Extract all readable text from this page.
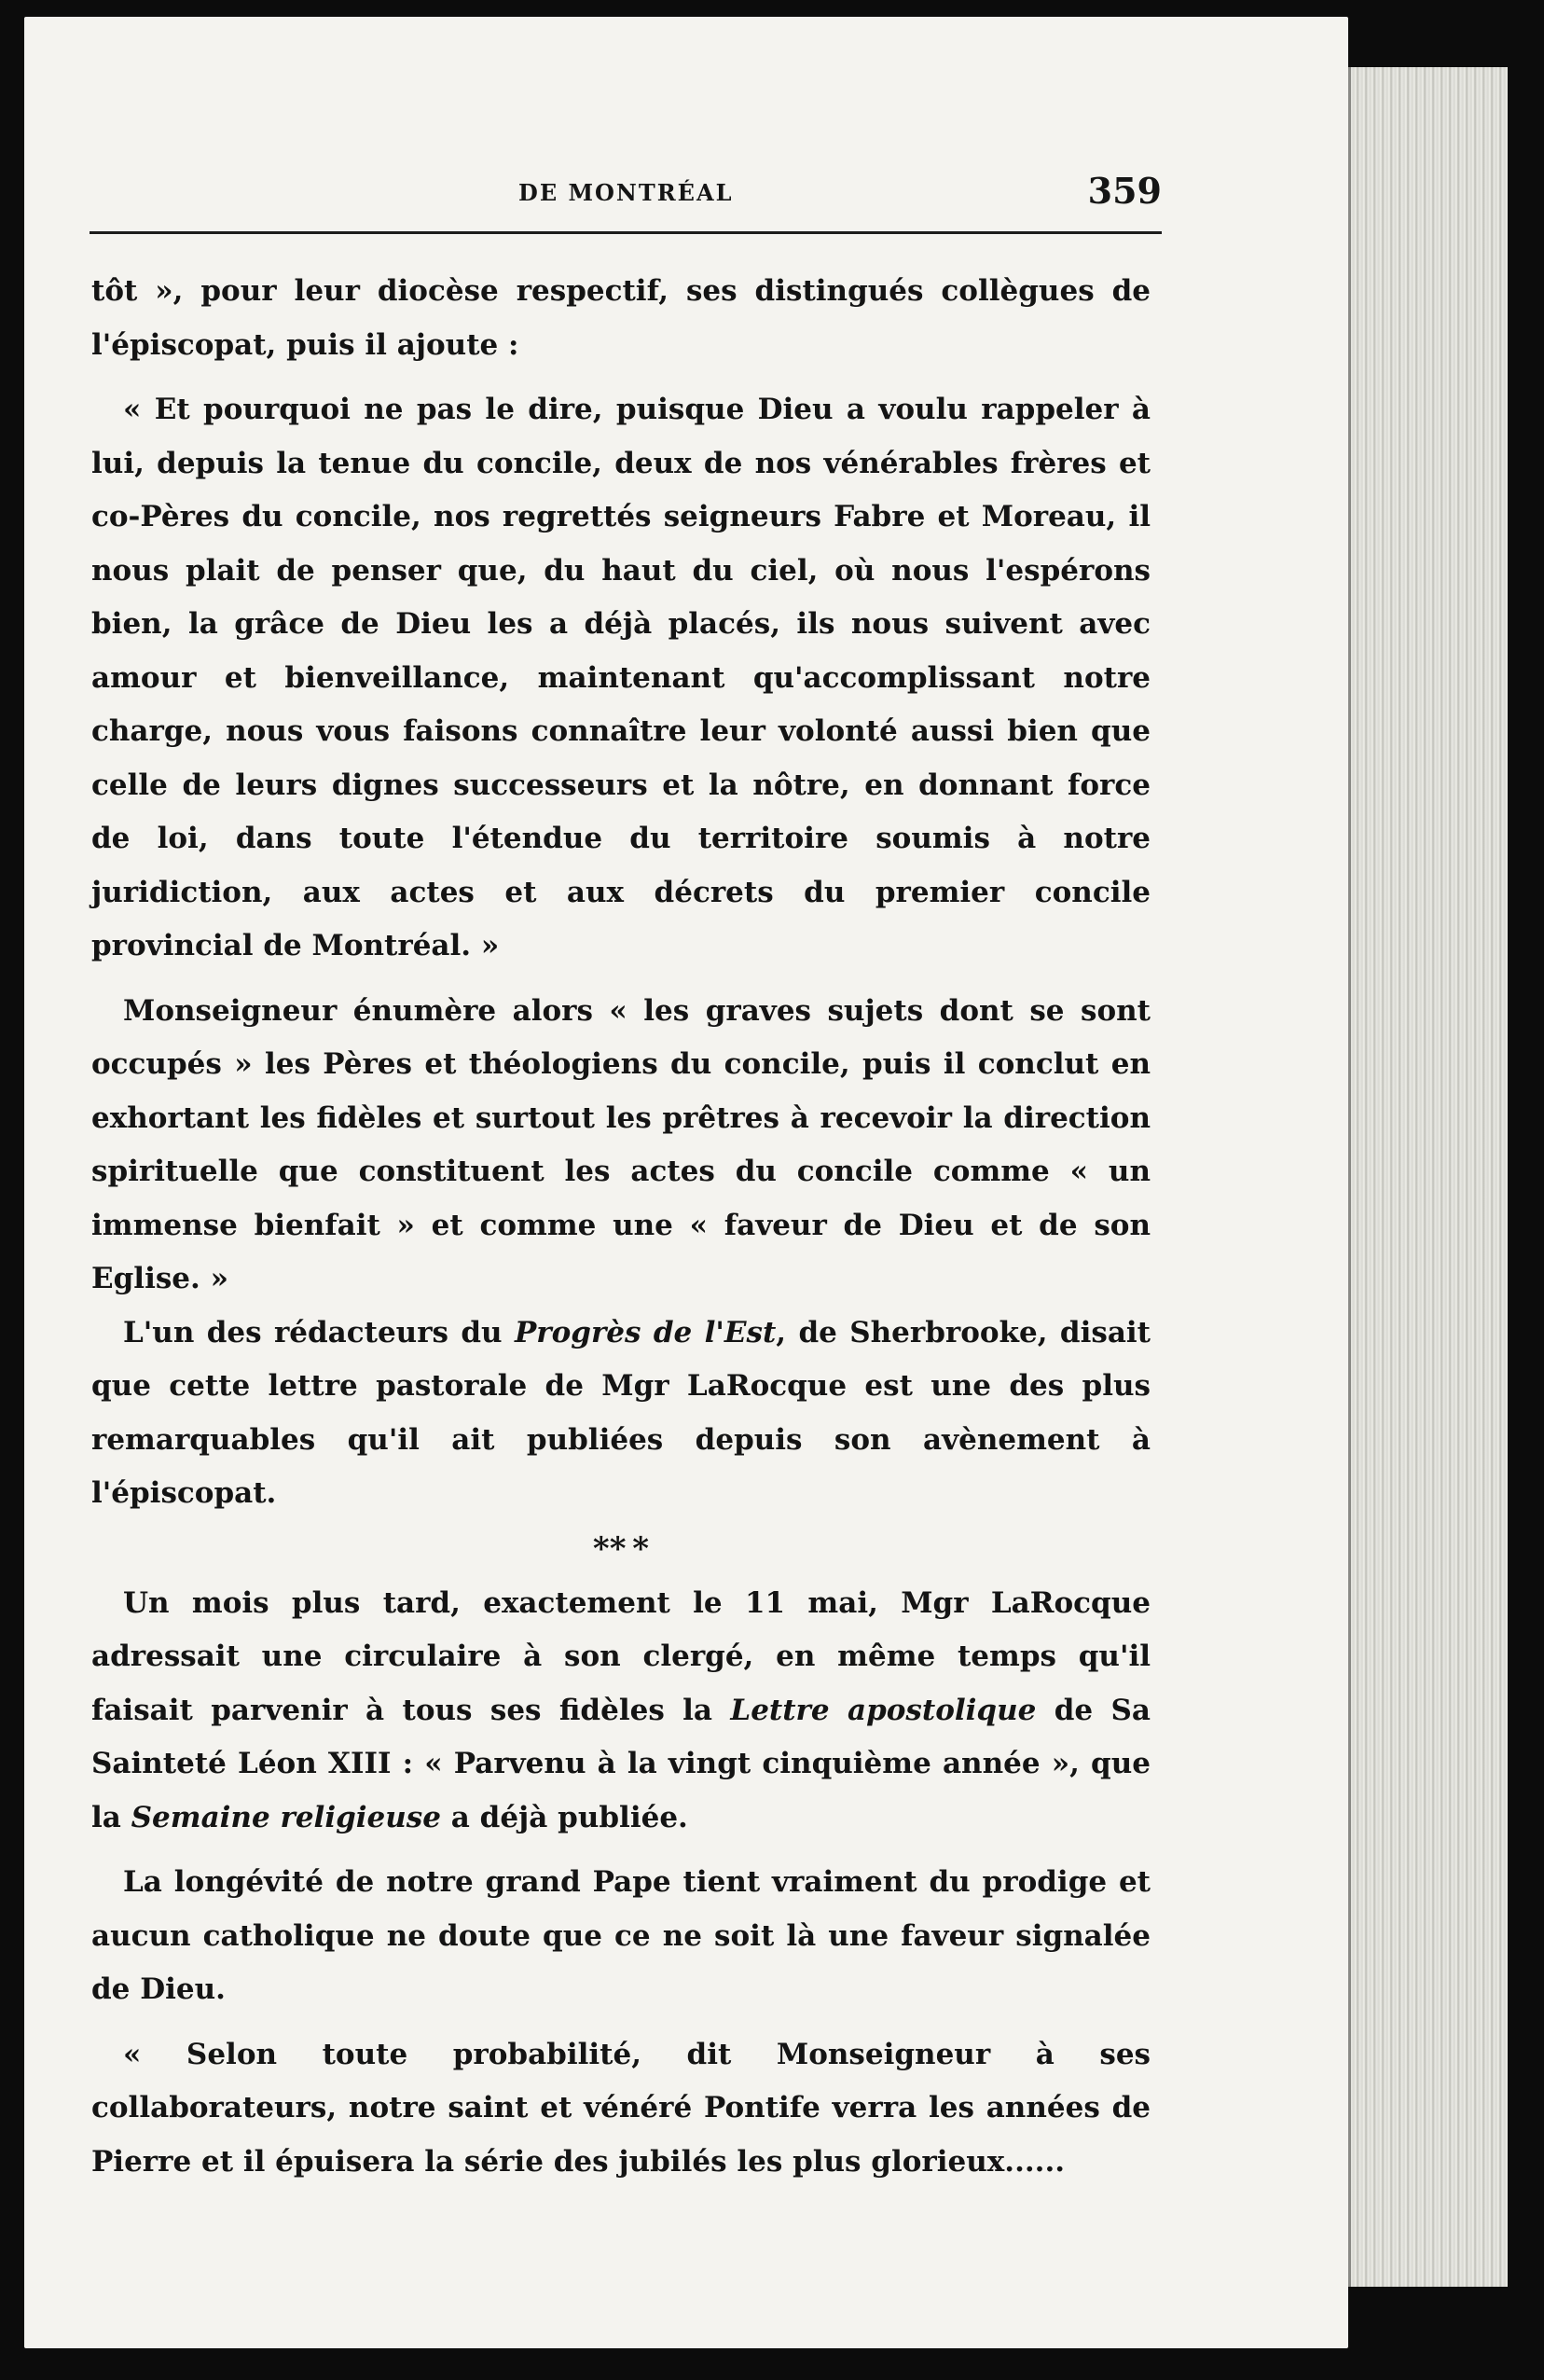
DE MONTRÉAL	359

tôt », pour leur diocèse respectif, ses distingués collègues de l'épiscopat, puis il ajoute :

« Et pourquoi ne pas le dire, puisque Dieu a voulu rappeler à lui, depuis la tenue du concile, deux de nos vénérables frères et co-Pères du concile, nos regrettés seigneurs Fabre et Moreau, il nous plait de penser que, du haut du ciel, où nous l'espérons bien, la grâce de Dieu les a déjà placés, ils nous suivent avec amour et bienveillance, maintenant qu'accomplissant notre charge, nous vous faisons connaître leur volonté aussi bien que celle de leurs dignes successeurs et la nôtre, en donnant force de loi, dans toute l'étendue du territoire soumis à notre juridiction, aux actes et aux décrets du premier concile provincial de Montréal. »

Monseigneur énumère alors « les graves sujets dont se sont occupés » les Pères et théologiens du concile, puis il conclut en exhortant les fidèles et surtout les prêtres à recevoir la direction spirituelle que constituent les actes du concile comme « un immense bienfait » et comme une « faveur de Dieu et de son Eglise. »

L'un des rédacteurs du Progrès de l'Est, de Sherbrooke, disait que cette lettre pastorale de Mgr LaRocque est une des plus remarquables qu'il ait publiées depuis son avènement à l'épiscopat.

** *

Un mois plus tard, exactement le 11 mai, Mgr LaRocque adressait une circulaire à son clergé, en même temps qu'il faisait parvenir à tous ses fidèles la Lettre apostolique de Sa Sainteté Léon XIII : « Parvenu à la vingt cinquième année », que la Semaine religieuse a déjà publiée.

La longévité de notre grand Pape tient vraiment du prodige et aucun catholique ne doute que ce ne soit là une faveur signalée de Dieu.

« Selon toute probabilité, dit Monseigneur à ses collaborateurs, notre saint et vénéré Pontife verra les années de Pierre et il épuisera la série des jubilés les plus glorieux......
